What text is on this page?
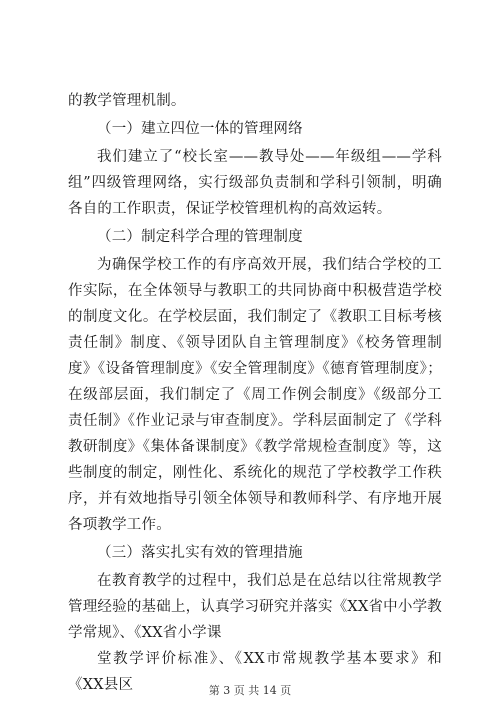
的教学管理机制。

（一）建立四位一体的管理网络

我们建立了“校长室——教导处——年级组——学科组”四级管理网络，实行级部负责制和学科引领制，明确各自的工作职责，保证学校管理机构的高效运转。

（二）制定科学合理的管理制度

为确保学校工作的有序高效开展，我们结合学校的工作实际，在全体领导与教职工的共同协商中积极营造学校的制度文化。在学校层面，我们制定了《教职工目标考核责任制》制度、《领导团队自主管理制度》《校务管理制度》《设备管理制度》《安全管理制度》《德育管理制度》；在级部层面，我们制定了《周工作例会制度》《级部分工责任制》《作业记录与审查制度》。学科层面制定了《学科教研制度》《集体备课制度》《教学常规检查制度》等，这些制度的制定，刚性化、系统化的规范了学校教学工作秩序，并有效地指导引领全体领导和教师科学、有序地开展各项教学工作。

（三）落实扎实有效的管理措施

在教育教学的过程中，我们总是在总结以往常规教学管理经验的基础上，认真学习研究并落实《XX省中小学教学常规》、《XX省小学课

堂教学评价标准》、《XX市常规教学基本要求》和《XX县区	第 3 页 共 14 页
